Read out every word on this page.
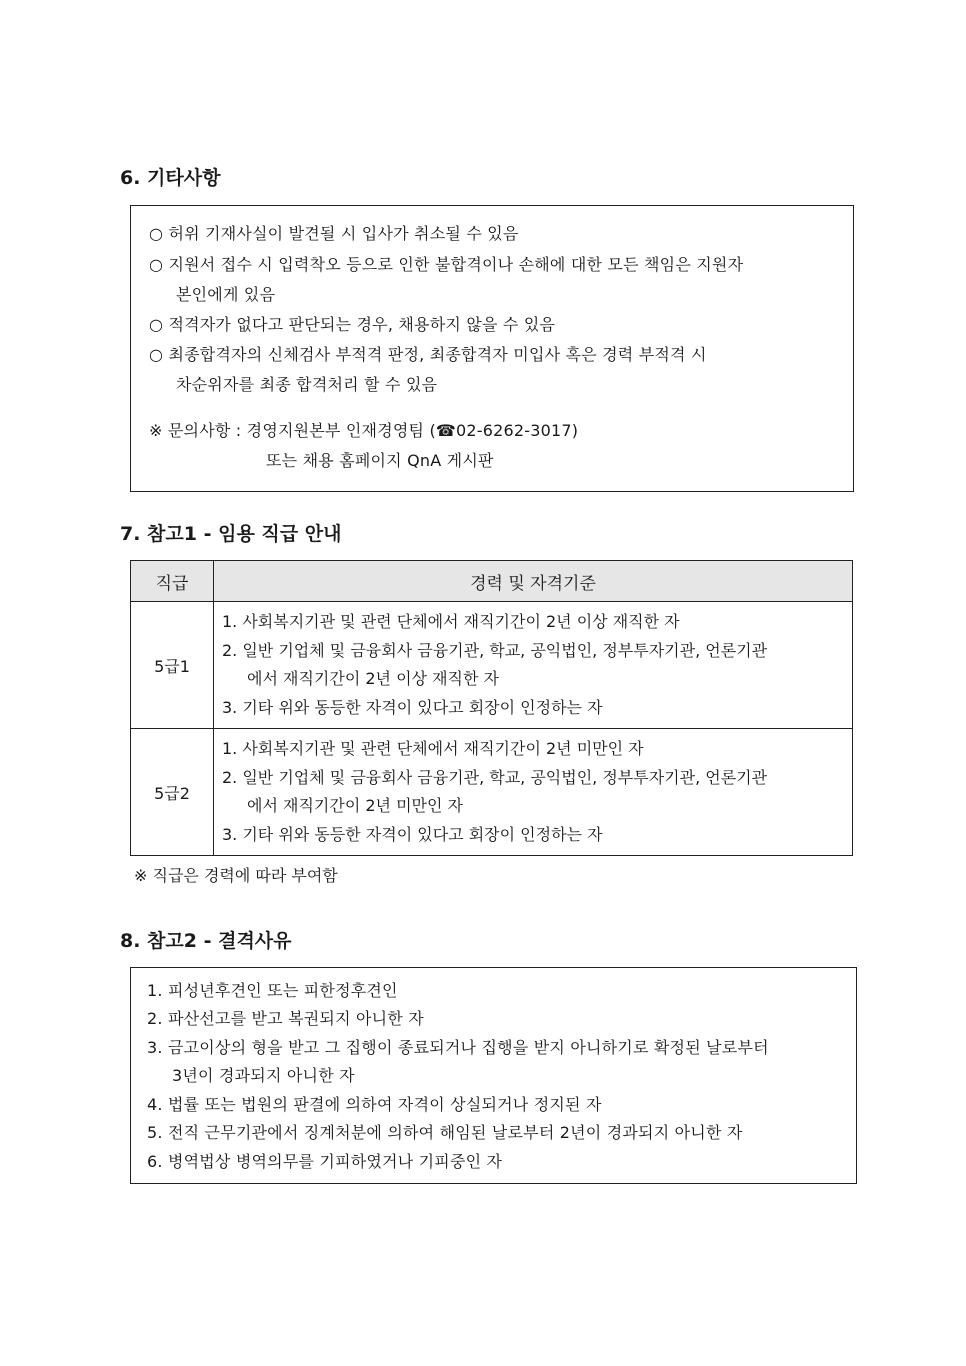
6. 기타사항
○ 허위 기재사실이 발견될 시 입사가 취소될 수 있음
○ 지원서 접수 시 입력착오 등으로 인한 불합격이나 손해에 대한 모든 책임은 지원자
본인에게 있음
○ 적격자가 없다고 판단되는 경우, 채용하지 않을 수 있음
○ 최종합격자의 신체검사 부적격 판정, 최종합격자 미입사 혹은 경력 부적격 시
차순위자를 최종 합격처리 할 수 있음
※ 문의사항 : 경영지원본부 인재경영팀 (☎02-6262-3017)
또는 채용 홈페이지 QnA 게시판
7. 참고1 - 임용 직급 안내
직급	경력 및 자격기준
5급1	1. 사회복지기관 및 관련 단체에서 재직기간이 2년 이상 재직한 자
2. 일반 기업체 및 금융회사 금융기관, 학교, 공익법인, 정부투자기관, 언론기관
에서 재직기간이 2년 이상 재직한 자
3. 기타 위와 동등한 자격이 있다고 회장이 인정하는 자

5급2	1. 사회복지기관 및 관련 단체에서 재직기간이 2년 미만인 자
2. 일반 기업체 및 금융회사 금융기관, 학교, 공익법인, 정부투자기관, 언론기관
에서 재직기간이 2년 미만인 자
3. 기타 위와 동등한 자격이 있다고 회장이 인정하는 자
※ 직급은 경력에 따라 부여함
8. 참고2 - 결격사유
1. 피성년후견인 또는 피한정후견인
2. 파산선고를 받고 복권되지 아니한 자
3. 금고이상의 형을 받고 그 집행이 종료되거나 집행을 받지 아니하기로 확정된 날로부터
3년이 경과되지 아니한 자
4. 법률 또는 법원의 판결에 의하여 자격이 상실되거나 정지된 자
5. 전직 근무기관에서 징계처분에 의하여 해임된 날로부터 2년이 경과되지 아니한 자
6. 병역법상 병역의무를 기피하였거나 기피중인 자
